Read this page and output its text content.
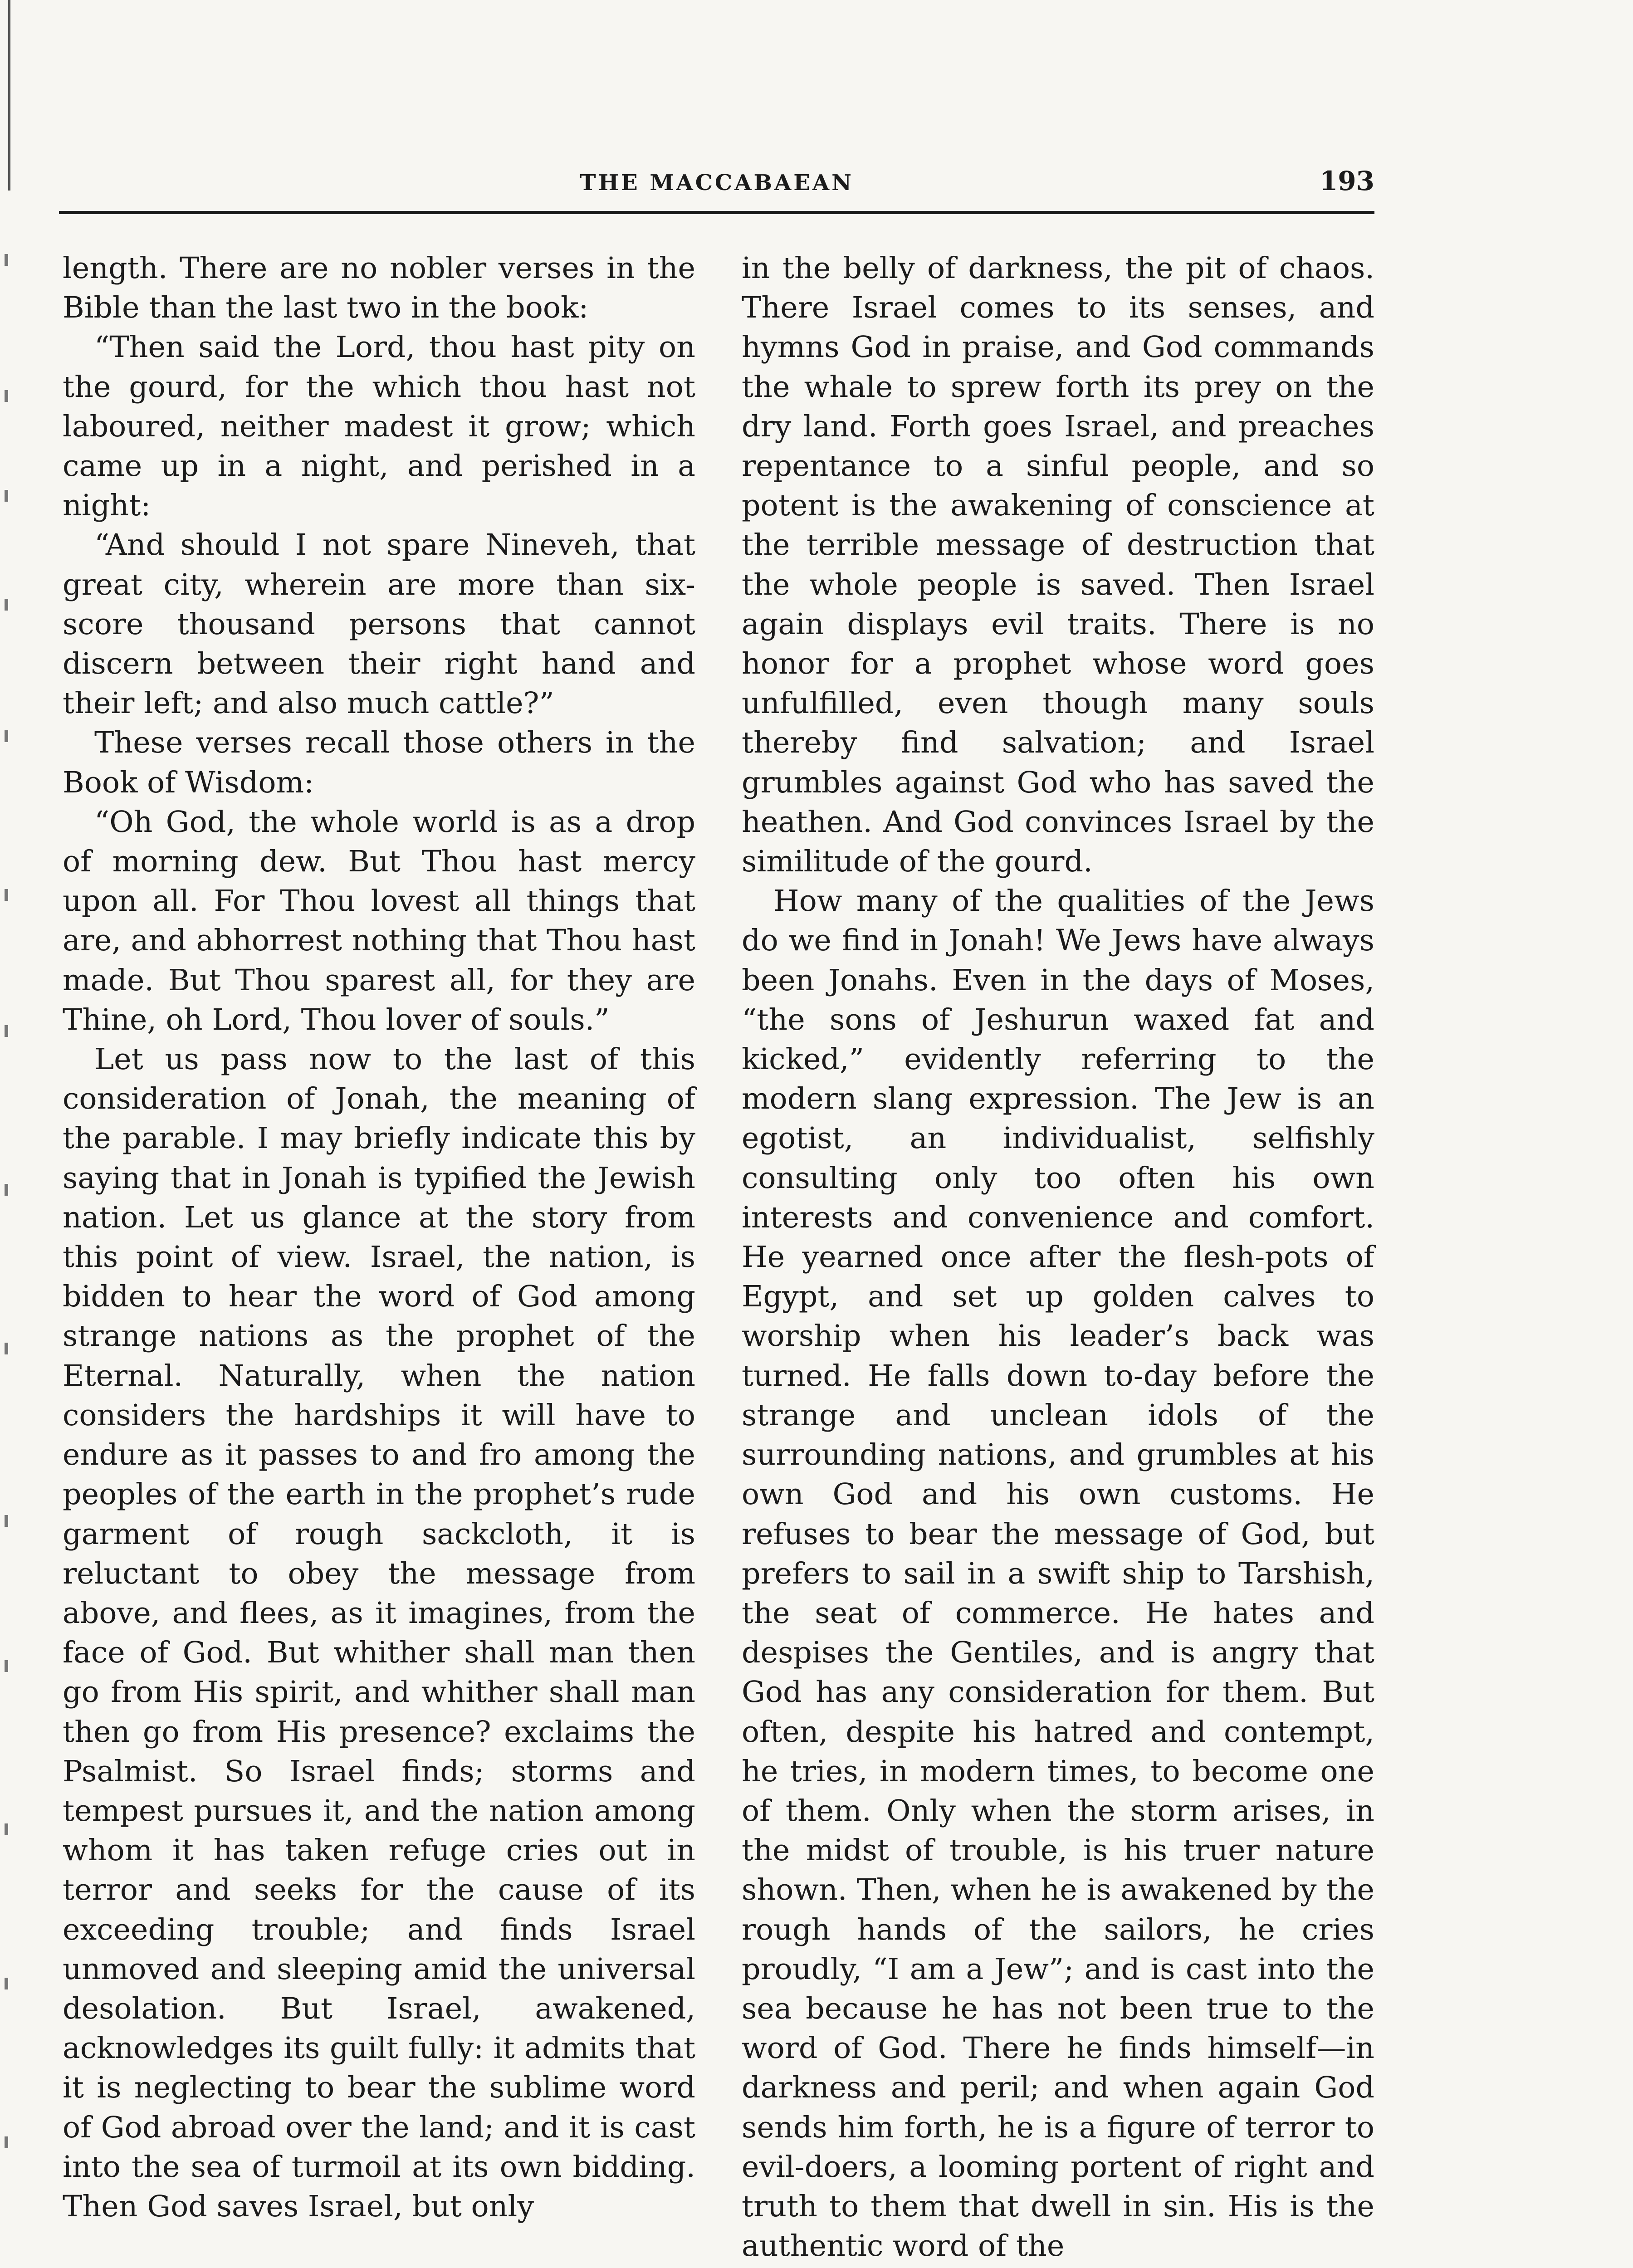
THE MACCABAEAN	193

length. There are no nobler verses in the Bible than the last two in the book:

“Then said the Lord, thou hast pity on the gourd, for the which thou hast not laboured, neither madest it grow; which came up in a night, and perished in a night:

“And should I not spare Nineveh, that great city, wherein are more than six-score thousand persons that cannot discern between their right hand and their left; and also much cattle?”

These verses recall those others in the Book of Wisdom:

“Oh God, the whole world is as a drop of morning dew. But Thou hast mercy upon all. For Thou lovest all things that are, and abhorrest nothing that Thou hast made. But Thou sparest all, for they are Thine, oh Lord, Thou lover of souls.”

Let us pass now to the last of this consideration of Jonah, the meaning of the parable. I may briefly indicate this by saying that in Jonah is typified the Jewish nation. Let us glance at the story from this point of view. Israel, the nation, is bidden to hear the word of God among strange nations as the prophet of the Eternal. Naturally, when the nation considers the hardships it will have to endure as it passes to and fro among the peoples of the earth in the prophet’s rude garment of rough sackcloth, it is reluctant to obey the message from above, and flees, as it imagines, from the face of God. But whither shall man then go from His spirit, and whither shall man then go from His presence? exclaims the Psalmist. So Israel finds; storms and tempest pursues it, and the nation among whom it has taken refuge cries out in terror and seeks for the cause of its exceeding trouble; and finds Israel unmoved and sleeping amid the universal desolation. But Israel, awakened, acknowledges its guilt fully: it admits that it is neglecting to bear the sublime word of God abroad over the land; and it is cast into the sea of turmoil at its own bidding. Then God saves Israel, but only

in the belly of darkness, the pit of chaos. There Israel comes to its senses, and hymns God in praise, and God commands the whale to sprew forth its prey on the dry land. Forth goes Israel, and preaches repentance to a sinful people, and so potent is the awakening of conscience at the terrible message of destruction that the whole people is saved. Then Israel again displays evil traits. There is no honor for a prophet whose word goes unfulfilled, even though many souls thereby find salvation; and Israel grumbles against God who has saved the heathen. And God convinces Israel by the similitude of the gourd.

How many of the qualities of the Jews do we find in Jonah! We Jews have always been Jonahs. Even in the days of Moses, “the sons of Jeshurun waxed fat and kicked,” evidently referring to the modern slang expression. The Jew is an egotist, an individualist, selfishly consulting only too often his own interests and convenience and comfort. He yearned once after the flesh-pots of Egypt, and set up golden calves to worship when his leader’s back was turned. He falls down to-day before the strange and unclean idols of the surrounding nations, and grumbles at his own God and his own customs. He refuses to bear the message of God, but prefers to sail in a swift ship to Tarshish, the seat of commerce. He hates and despises the Gentiles, and is angry that God has any consideration for them. But often, despite his hatred and contempt, he tries, in modern times, to become one of them. Only when the storm arises, in the midst of trouble, is his truer nature shown. Then, when he is awakened by the rough hands of the sailors, he cries proudly, “I am a Jew”; and is cast into the sea because he has not been true to the word of God. There he finds himself—in darkness and peril; and when again God sends him forth, he is a figure of terror to evil-doers, a looming portent of right and truth to them that dwell in sin. His is the authentic word of the
